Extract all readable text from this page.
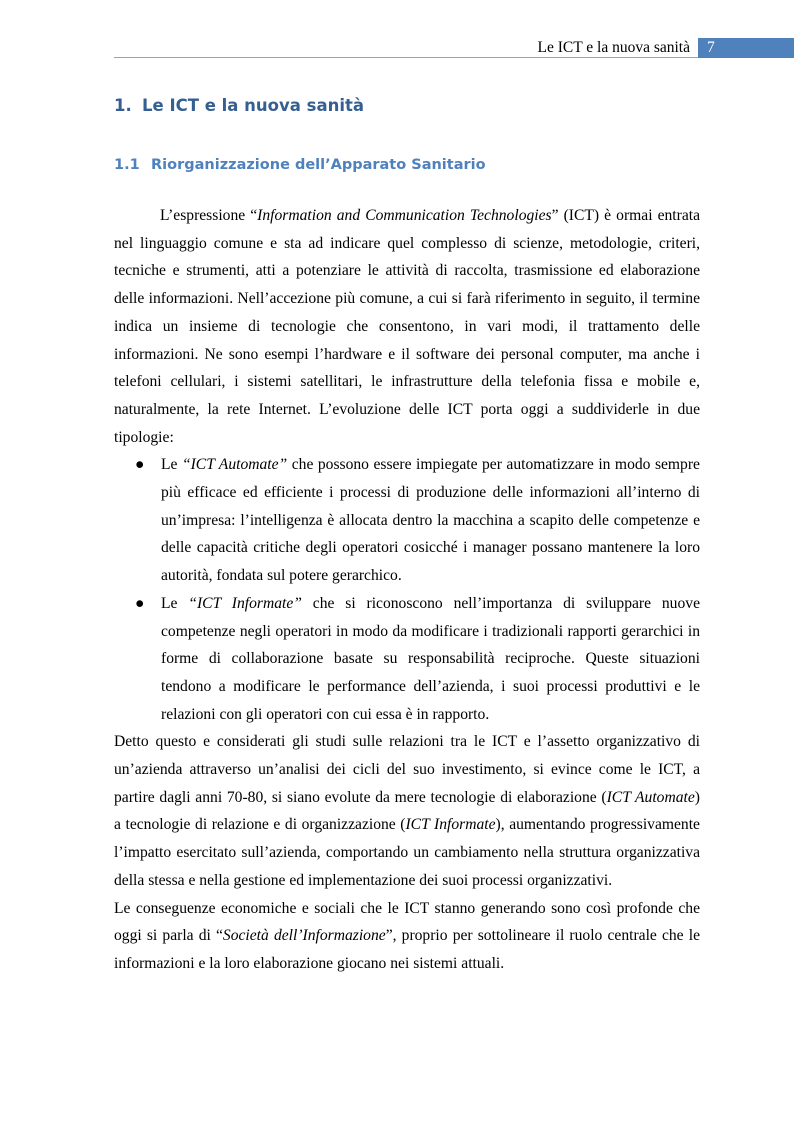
Le ICT e la nuova sanità 7
1. Le ICT e la nuova sanità
1.1 Riorganizzazione dell’Apparato Sanitario

L’espressione “Information and Communication Technologies” (ICT) è ormai entrata nel linguaggio comune e sta ad indicare quel complesso di scienze, metodologie, criteri, tecniche e strumenti, atti a potenziare le attività di raccolta, trasmissione ed elaborazione delle informazioni. Nell’accezione più comune, a cui si farà riferimento in seguito, il termine indica un insieme di tecnologie che consentono, in vari modi, il trattamento delle informazioni. Ne sono esempi l’hardware e il software dei personal computer, ma anche i telefoni cellulari, i sistemi satellitari, le infrastrutture della telefonia fissa e mobile e, naturalmente, la rete Internet. L’evoluzione delle ICT porta oggi a suddividerle in due tipologie:

● Le “ICT Automate” che possono essere impiegate per automatizzare in modo sempre più efficace ed efficiente i processi di produzione delle informazioni all’interno di un’impresa: l’intelligenza è allocata dentro la macchina a scapito delle competenze e delle capacità critiche degli operatori cosicché i manager possano mantenere la loro autorità, fondata sul potere gerarchico.
● Le “ICT Informate” che si riconoscono nell’importanza di sviluppare nuove competenze negli operatori in modo da modificare i tradizionali rapporti gerarchici in forme di collaborazione basate su responsabilità reciproche. Queste situazioni tendono a modificare le performance dell’azienda, i suoi processi produttivi e le relazioni con gli operatori con cui essa è in rapporto.

Detto questo e considerati gli studi sulle relazioni tra le ICT e l’assetto organizzativo di un’azienda attraverso un’analisi dei cicli del suo investimento, si evince come le ICT, a partire dagli anni 70-80, si siano evolute da mere tecnologie di elaborazione (ICT Automate) a tecnologie di relazione e di organizzazione (ICT Informate), aumentando progressivamente l’impatto esercitato sull’azienda, comportando un cambiamento nella struttura organizzativa della stessa e nella gestione ed implementazione dei suoi processi organizzativi.

Le conseguenze economiche e sociali che le ICT stanno generando sono così profonde che oggi si parla di “Società dell’Informazione”, proprio per sottolineare il ruolo centrale che le informazioni e la loro elaborazione giocano nei sistemi attuali.
